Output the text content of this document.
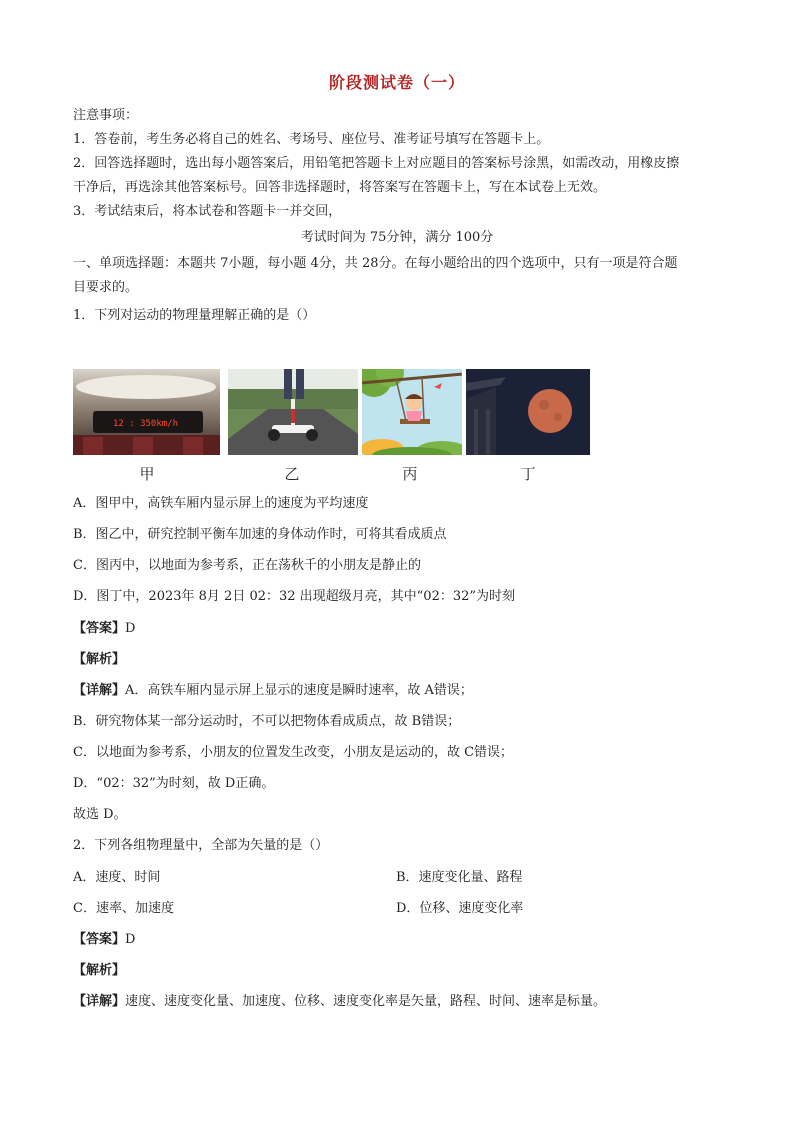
阶段测试卷（一）
注意事项：
1．答卷前，考生务必将自己的姓名、考场号、座位号、准考证号填写在答题卡上。
2．回答选择题时，选出每小题答案后，用铅笔把答题卡上对应题目的答案标号涂黑，如需改动，用橡皮擦
干净后，再选涂其他答案标号。回答非选择题时，将答案写在答题卡上，写在本试卷上无效。
3．考试结束后，将本试卷和答题卡一并交回，
考试时间为 75分钟，满分 100分
一、单项选择题：本题共 7小题，每小题 4分，共 28分。在每小题给出的四个选项中，只有一项是符合题
目要求的。
1．下列对运动的物理量理解正确的是（）
12 : 350km/h
甲	乙	丙	丁
A．图甲中，高铁车厢内显示屏上的速度为平均速度
B．图乙中，研究控制平衡车加速的身体动作时，可将其看成质点
C．图丙中，以地面为参考系，正在荡秋千的小朋友是静止的
D．图丁中，2023年 8月 2日 02：32 出现超级月亮，其中“02：32”为时刻
【答案】D
【解析】
【详解】A．高铁车厢内显示屏上显示的速度是瞬时速率，故 A错误；
B．研究物体某一部分运动时，不可以把物体看成质点，故 B错误；
C．以地面为参考系，小朋友的位置发生改变，小朋友是运动的，故 C错误；
D．“02：32”为时刻，故 D正确。
故选 D。
2．下列各组物理量中，全部为矢量的是（）
A．速度、时间	B．速度变化量、路程
C．速率、加速度	D．位移、速度变化率
【答案】D
【解析】
【详解】速度、速度变化量、加速度、位移、速度变化率是矢量，路程、时间、速率是标量。
